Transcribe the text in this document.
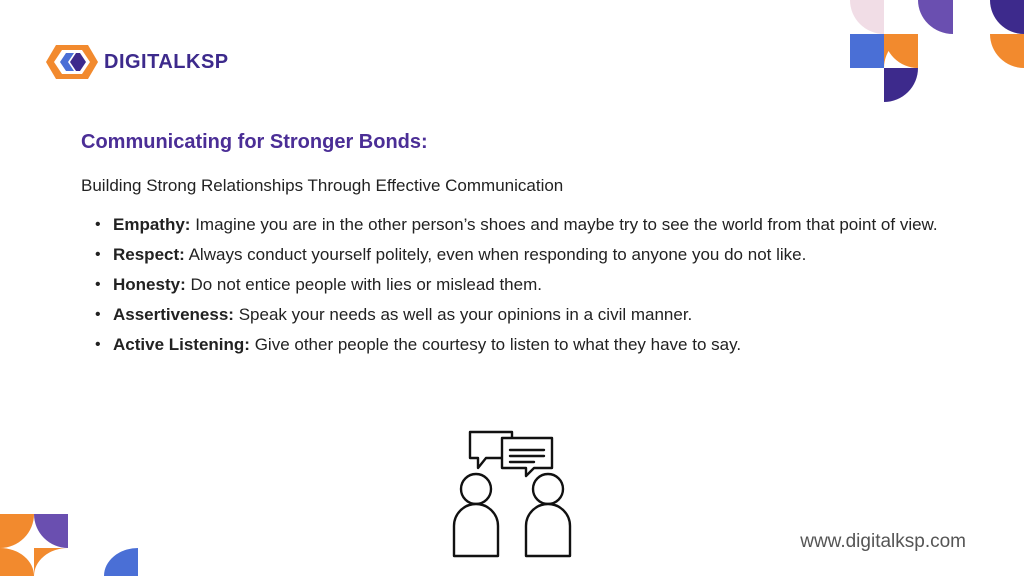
DIGITALKSP
Communicating for Stronger Bonds:
Building Strong Relationships Through Effective Communication
• Empathy: Imagine you are in the other person’s shoes and maybe try to see the world from that point of view.
• Respect: Always conduct yourself politely, even when responding to anyone you do not like.
• Honesty: Do not entice people with lies or mislead them.
• Assertiveness: Speak your needs as well as your opinions in a civil manner.
• Active Listening: Give other people the courtesy to listen to what they have to say.
www.digitalksp.com
